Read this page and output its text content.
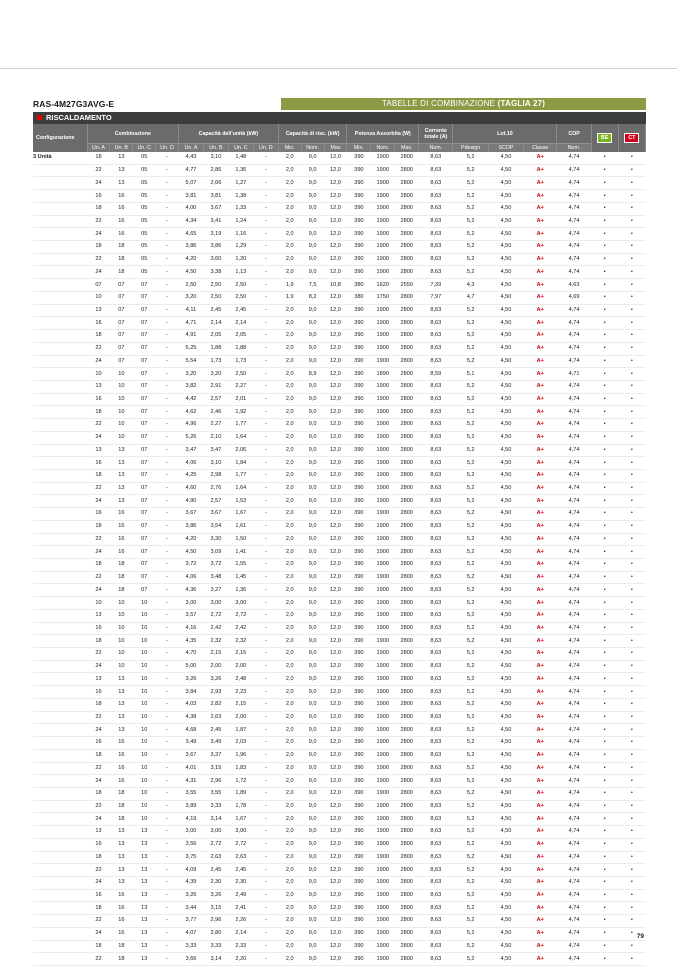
RAS-4M27G3AVG-E	TABELLE DI COMBINAZIONE (TAGLIA 27)
RISCALDAMENTO
Configurazione	Combinazione				Capacità dell'unità (kW)				Capacità di risc. (kW)			Potenza Assorbita (W)			Corrente totale (A)	Lot.10			COP	BE	CT
	Un. A	Un. B	Un. C	Un. D	Un. A	Un. B	Un. C	Un. D	Min.	Nom.	Max	Min.	Nom.	Max.	Nom.	Pdesign	SCOP	Classe	Nom.		
3 Unità	18	13	05	-	4,43	3,10	1,48	-	2,0	9,0	12,0	390	1900	2800	8,63	5,2	4,50	A+	4,74	•	•
	22	13	05	-	4,77	2,86	1,36	-	2,0	9,0	12,0	390	1900	2800	8,63	5,2	4,50	A+	4,74	•	•
	24	13	05	-	5,07	2,66	1,27	-	2,0	9,0	12,0	390	1900	2800	8,63	5,2	4,50	A+	4,74	•	•
	16	16	05	-	3,81	3,81	1,38	-	2,0	9,0	12,0	390	1900	2800	8,63	5,2	4,50	A+	4,74	•	•
	18	16	05	-	4,00	3,67	1,33	-	2,0	9,0	12,0	390	1900	2800	8,63	5,2	4,50	A+	4,74	•	•
	22	16	05	-	4,34	3,41	1,24	-	2,0	9,0	12,0	390	1900	2800	8,63	5,2	4,50	A+	4,74	•	•
	24	16	05	-	4,65	3,19	1,16	-	2,0	9,0	12,0	390	1900	2800	8,63	5,2	4,50	A+	4,74	•	•
	18	18	05	-	3,86	3,86	1,29	-	2,0	9,0	12,0	390	1900	2800	8,63	5,2	4,50	A+	4,74	•	•
	22	18	05	-	4,20	3,60	1,20	-	2,0	9,0	12,0	390	1900	2800	8,63	5,2	4,50	A+	4,74	•	•
	24	18	05	-	4,50	3,38	1,13	-	2,0	9,0	12,0	390	1900	2800	8,63	5,2	4,50	A+	4,74	•	•
	07	07	07	-	2,50	2,50	2,50	-	1,9	7,5	10,8	380	1620	2550	7,39	4,3	4,50	A+	4,63	•	•
	10	07	07	-	3,20	2,50	2,50	-	1,9	8,2	12,0	380	1750	2800	7,97	4,7	4,50	A+	4,69	•	•
	13	07	07	-	4,11	2,45	2,45	-	2,0	9,0	12,0	390	1900	2800	8,63	5,2	4,50	A+	4,74	•	•
	16	07	07	-	4,71	2,14	2,14	-	2,0	9,0	12,0	390	1900	2800	8,63	5,2	4,50	A+	4,74	•	•
	18	07	07	-	4,91	2,05	2,05	-	2,0	9,0	12,0	390	1900	2800	8,63	5,2	4,50	A+	4,74	•	•
	22	07	07	-	5,25	1,88	1,88	-	2,0	9,0	12,0	390	1900	2800	8,63	5,2	4,50	A+	4,74	•	•
	24	07	07	-	5,54	1,73	1,73	-	2,0	9,0	12,0	390	1900	2800	8,63	5,2	4,50	A+	4,74	•	•
	10	10	07	-	3,20	3,20	2,50	-	2,0	8,9	12,0	390	1890	2800	8,59	5,1	4,50	A+	4,71	•	•
	13	10	07	-	3,82	2,91	2,27	-	2,0	9,0	12,0	390	1900	2800	8,63	5,2	4,50	A+	4,74	•	•
	16	10	07	-	4,42	2,57	2,01	-	2,0	9,0	12,0	390	1900	2800	8,63	5,2	4,50	A+	4,74	•	•
	18	10	07	-	4,62	2,46	1,92	-	2,0	9,0	12,0	390	1900	2800	8,63	5,2	4,50	A+	4,74	•	•
	22	10	07	-	4,96	2,27	1,77	-	2,0	9,0	12,0	390	1900	2800	8,63	5,2	4,50	A+	4,74	•	•
	24	10	07	-	5,26	2,10	1,64	-	2,0	9,0	12,0	390	1900	2800	8,63	5,2	4,50	A+	4,74	•	•
	13	13	07	-	3,47	3,47	2,06	-	2,0	9,0	12,0	390	1900	2800	8,63	5,2	4,50	A+	4,74	•	•
	16	13	07	-	4,06	3,10	1,84	-	2,0	9,0	12,0	390	1900	2800	8,63	5,2	4,50	A+	4,74	•	•
	18	13	07	-	4,25	2,98	1,77	-	2,0	9,0	12,0	390	1900	2800	8,63	5,2	4,50	A+	4,74	•	•
	22	13	07	-	4,60	2,76	1,64	-	2,0	9,0	12,0	390	1900	2800	8,63	5,2	4,50	A+	4,74	•	•
	24	13	07	-	4,90	2,57	1,53	-	2,0	9,0	12,0	390	1900	2800	8,63	5,2	4,50	A+	4,74	•	•
	16	16	07	-	3,67	3,67	1,67	-	2,0	9,0	12,0	390	1900	2800	8,63	5,2	4,50	A+	4,74	•	•
	18	16	07	-	3,86	3,54	1,61	-	2,0	9,0	12,0	390	1900	2800	8,63	5,2	4,50	A+	4,74	•	•
	22	16	07	-	4,20	3,30	1,50	-	2,0	9,0	12,0	390	1900	2800	8,63	5,2	4,50	A+	4,74	•	•
	24	16	07	-	4,50	3,09	1,41	-	2,0	9,0	12,0	390	1900	2800	8,63	5,2	4,50	A+	4,74	•	•
	18	18	07	-	3,72	3,72	1,55	-	2,0	9,0	12,0	390	1900	2800	8,63	5,2	4,50	A+	4,74	•	•
	22	18	07	-	4,06	3,48	1,45	-	2,0	9,0	12,0	390	1900	2800	8,63	5,2	4,50	A+	4,74	•	•
	24	18	07	-	4,36	3,27	1,36	-	2,0	9,0	12,0	390	1900	2800	8,63	5,2	4,50	A+	4,74	•	•
	10	10	10	-	3,00	3,00	3,00	-	2,0	9,0	12,0	390	1900	2800	8,63	5,2	4,50	A+	4,74	•	•
	13	10	10	-	3,57	2,72	2,72	-	2,0	9,0	12,0	390	1900	2800	8,63	5,2	4,50	A+	4,74	•	•
	16	10	10	-	4,16	2,42	2,42	-	2,0	9,0	12,0	390	1900	2800	8,63	5,2	4,50	A+	4,74	•	•
	18	10	10	-	4,35	2,32	2,32	-	2,0	9,0	12,0	390	1900	2800	8,63	5,2	4,50	A+	4,74	•	•
	22	10	10	-	4,70	2,15	2,15	-	2,0	9,0	12,0	390	1900	2800	8,63	5,2	4,50	A+	4,74	•	•
	24	10	10	-	5,00	2,00	2,00	-	2,0	9,0	12,0	390	1900	2800	8,63	5,2	4,50	A+	4,74	•	•
	13	13	10	-	3,26	3,26	2,48	-	2,0	9,0	12,0	390	1900	2800	8,63	5,2	4,50	A+	4,74	•	•
	16	13	10	-	3,84	2,93	2,23	-	2,0	9,0	12,0	390	1900	2800	8,63	5,2	4,50	A+	4,74	•	•
	18	13	10	-	4,03	2,82	2,15	-	2,0	9,0	12,0	390	1900	2800	8,63	5,2	4,50	A+	4,74	•	•
	22	13	10	-	4,38	2,63	2,00	-	2,0	9,0	12,0	390	1900	2800	8,63	5,2	4,50	A+	4,74	•	•
	24	13	10	-	4,68	2,45	1,87	-	2,0	9,0	12,0	390	1900	2800	8,63	5,2	4,50	A+	4,74	•	•
	16	16	10	-	3,49	3,49	2,03	-	2,0	9,0	12,0	390	1900	2800	8,63	5,2	4,50	A+	4,74	•	•
	18	16	10	-	3,67	3,37	1,96	-	2,0	9,0	12,0	390	1900	2800	8,63	5,2	4,50	A+	4,74	•	•
	22	16	10	-	4,01	3,15	1,83	-	2,0	9,0	12,0	390	1900	2800	8,63	5,2	4,50	A+	4,74	•	•
	24	16	10	-	4,31	2,96	1,72	-	2,0	9,0	12,0	390	1900	2800	8,63	5,2	4,50	A+	4,74	•	•
	18	18	10	-	3,55	3,55	1,89	-	2,0	9,0	12,0	390	1900	2800	8,63	5,2	4,50	A+	4,74	•	•
	22	18	10	-	3,89	3,33	1,78	-	2,0	9,0	12,0	390	1900	2800	8,63	5,2	4,50	A+	4,74	•	•
	24	18	10	-	4,19	3,14	1,67	-	2,0	9,0	12,0	390	1900	2800	8,63	5,2	4,50	A+	4,74	•	•
	13	13	13	-	3,00	3,00	3,00	-	2,0	9,0	12,0	390	1900	2800	8,63	5,2	4,50	A+	4,74	•	•
	16	13	13	-	3,56	2,72	2,72	-	2,0	9,0	12,0	390	1900	2800	8,63	5,2	4,50	A+	4,74	•	•
	18	13	13	-	3,75	2,63	2,63	-	2,0	9,0	12,0	390	1900	2800	8,63	5,2	4,50	A+	4,74	•	•
	22	13	13	-	4,09	2,45	2,45	-	2,0	9,0	12,0	390	1900	2800	8,63	5,2	4,50	A+	4,74	•	•
	24	13	13	-	4,39	2,30	2,30	-	2,0	9,0	12,0	390	1900	2800	8,63	5,2	4,50	A+	4,74	•	•
	16	16	13	-	3,26	3,26	2,49	-	2,0	9,0	12,0	390	1900	2800	8,63	5,2	4,50	A+	4,74	•	•
	18	16	13	-	3,44	3,15	2,41	-	2,0	9,0	12,0	390	1900	2800	8,63	5,2	4,50	A+	4,74	•	•
	22	16	13	-	3,77	2,96	2,26	-	2,0	9,0	12,0	390	1900	2800	8,63	5,2	4,50	A+	4,74	•	•
	24	16	13	-	4,07	2,80	2,14	-	2,0	9,0	12,0	390	1900	2800	8,63	5,2	4,50	A+	4,74	•	•
	18	18	13	-	3,33	3,33	2,33	-	2,0	9,0	12,0	390	1900	2800	8,63	5,2	4,50	A+	4,74	•	•
	22	18	13	-	3,66	3,14	2,20	-	2,0	9,0	12,0	390	1900	2800	8,63	5,2	4,50	A+	4,74	•	•
79
